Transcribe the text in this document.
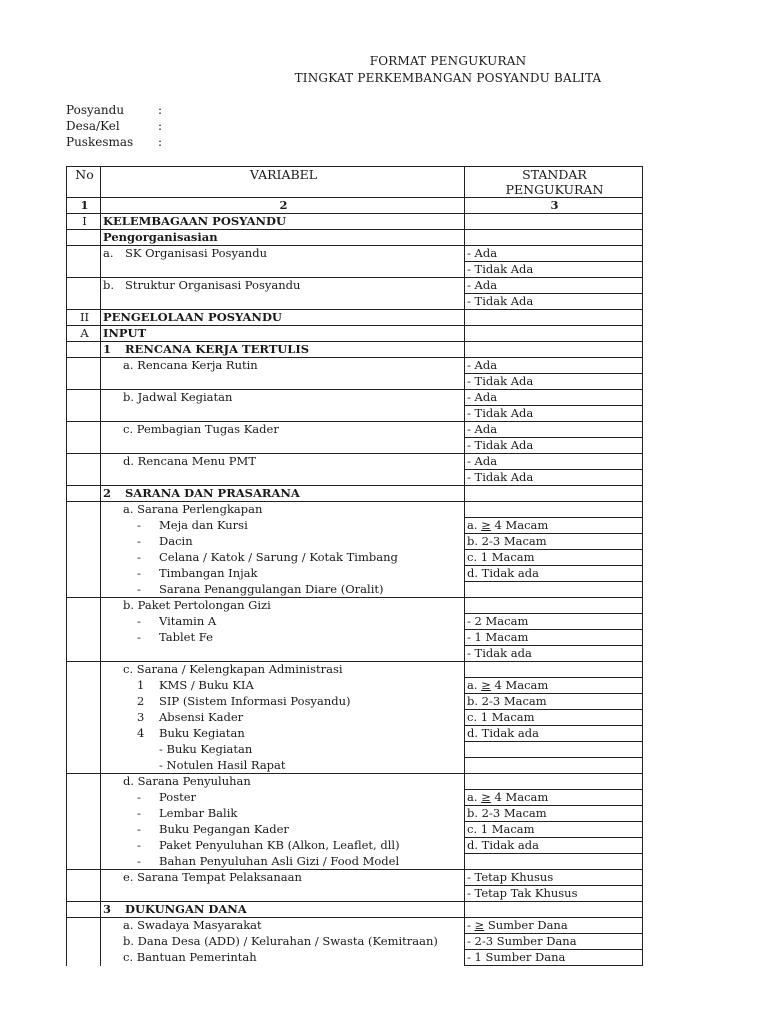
FORMAT PENGUKURAN
TINGKAT PERKEMBANGAN POSYANDU BALITA
Posyandu	:
Desa/Kel	:
Puskesmas :
No	VARIABEL	STANDAR
PENGUKURAN
1	2	3
I	KELEMBAGAAN POSYANDU	
	Pengorganisasian	
	a. SK Organisasi Posyandu	- Ada
		- Tidak Ada
	b. Struktur Organisasi Posyandu	- Ada
		- Tidak Ada
II	PENGELOLAAN POSYANDU	
A	INPUT	
	1 RENCANA KERJA TERTULIS	
	a. Rencana Kerja Rutin	- Ada
		- Tidak Ada
	b. Jadwal Kegiatan	- Ada
		- Tidak Ada
	c. Pembagian Tugas Kader	- Ada
		- Tidak Ada
	d. Rencana Menu PMT	- Ada
		- Tidak Ada
	2 SARANA DAN PRASARANA	
	a. Sarana Perlengkapan	
	- Meja dan Kursi	a. ≥ 4 Macam
	- Dacin	b. 2-3 Macam
	- Celana / Katok / Sarung / Kotak Timbang	c. 1 Macam
	- Timbangan Injak	d. Tidak ada
	- Sarana Penanggulangan Diare (Oralit)	
	b. Paket Pertolongan Gizi	
	- Vitamin A	- 2 Macam
	- Tablet Fe	- 1 Macam
		- Tidak ada
	c. Sarana / Kelengkapan Administrasi	
	1 KMS / Buku KIA	a. ≥ 4 Macam
	2 SIP (Sistem Informasi Posyandu)	b. 2-3 Macam
	3 Absensi Kader	c. 1 Macam
	4 Buku Kegiatan	d. Tidak ada
	- Buku Kegiatan	
	- Notulen Hasil Rapat	
	d. Sarana Penyuluhan	
	- Poster	a. ≥ 4 Macam
	- Lembar Balik	b. 2-3 Macam
	- Buku Pegangan Kader	c. 1 Macam
	- Paket Penyuluhan KB (Alkon, Leaflet, dll)	d. Tidak ada
	- Bahan Penyuluhan Asli Gizi / Food Model	
	e. Sarana Tempat Pelaksanaan	- Tetap Khusus
		- Tetap Tak Khusus
	3 DUKUNGAN DANA	
	a. Swadaya Masyarakat	- ≥ Sumber Dana
	b. Dana Desa (ADD) / Kelurahan / Swasta (Kemitraan)	- 2-3 Sumber Dana
	c. Bantuan Pemerintah	- 1 Sumber Dana
